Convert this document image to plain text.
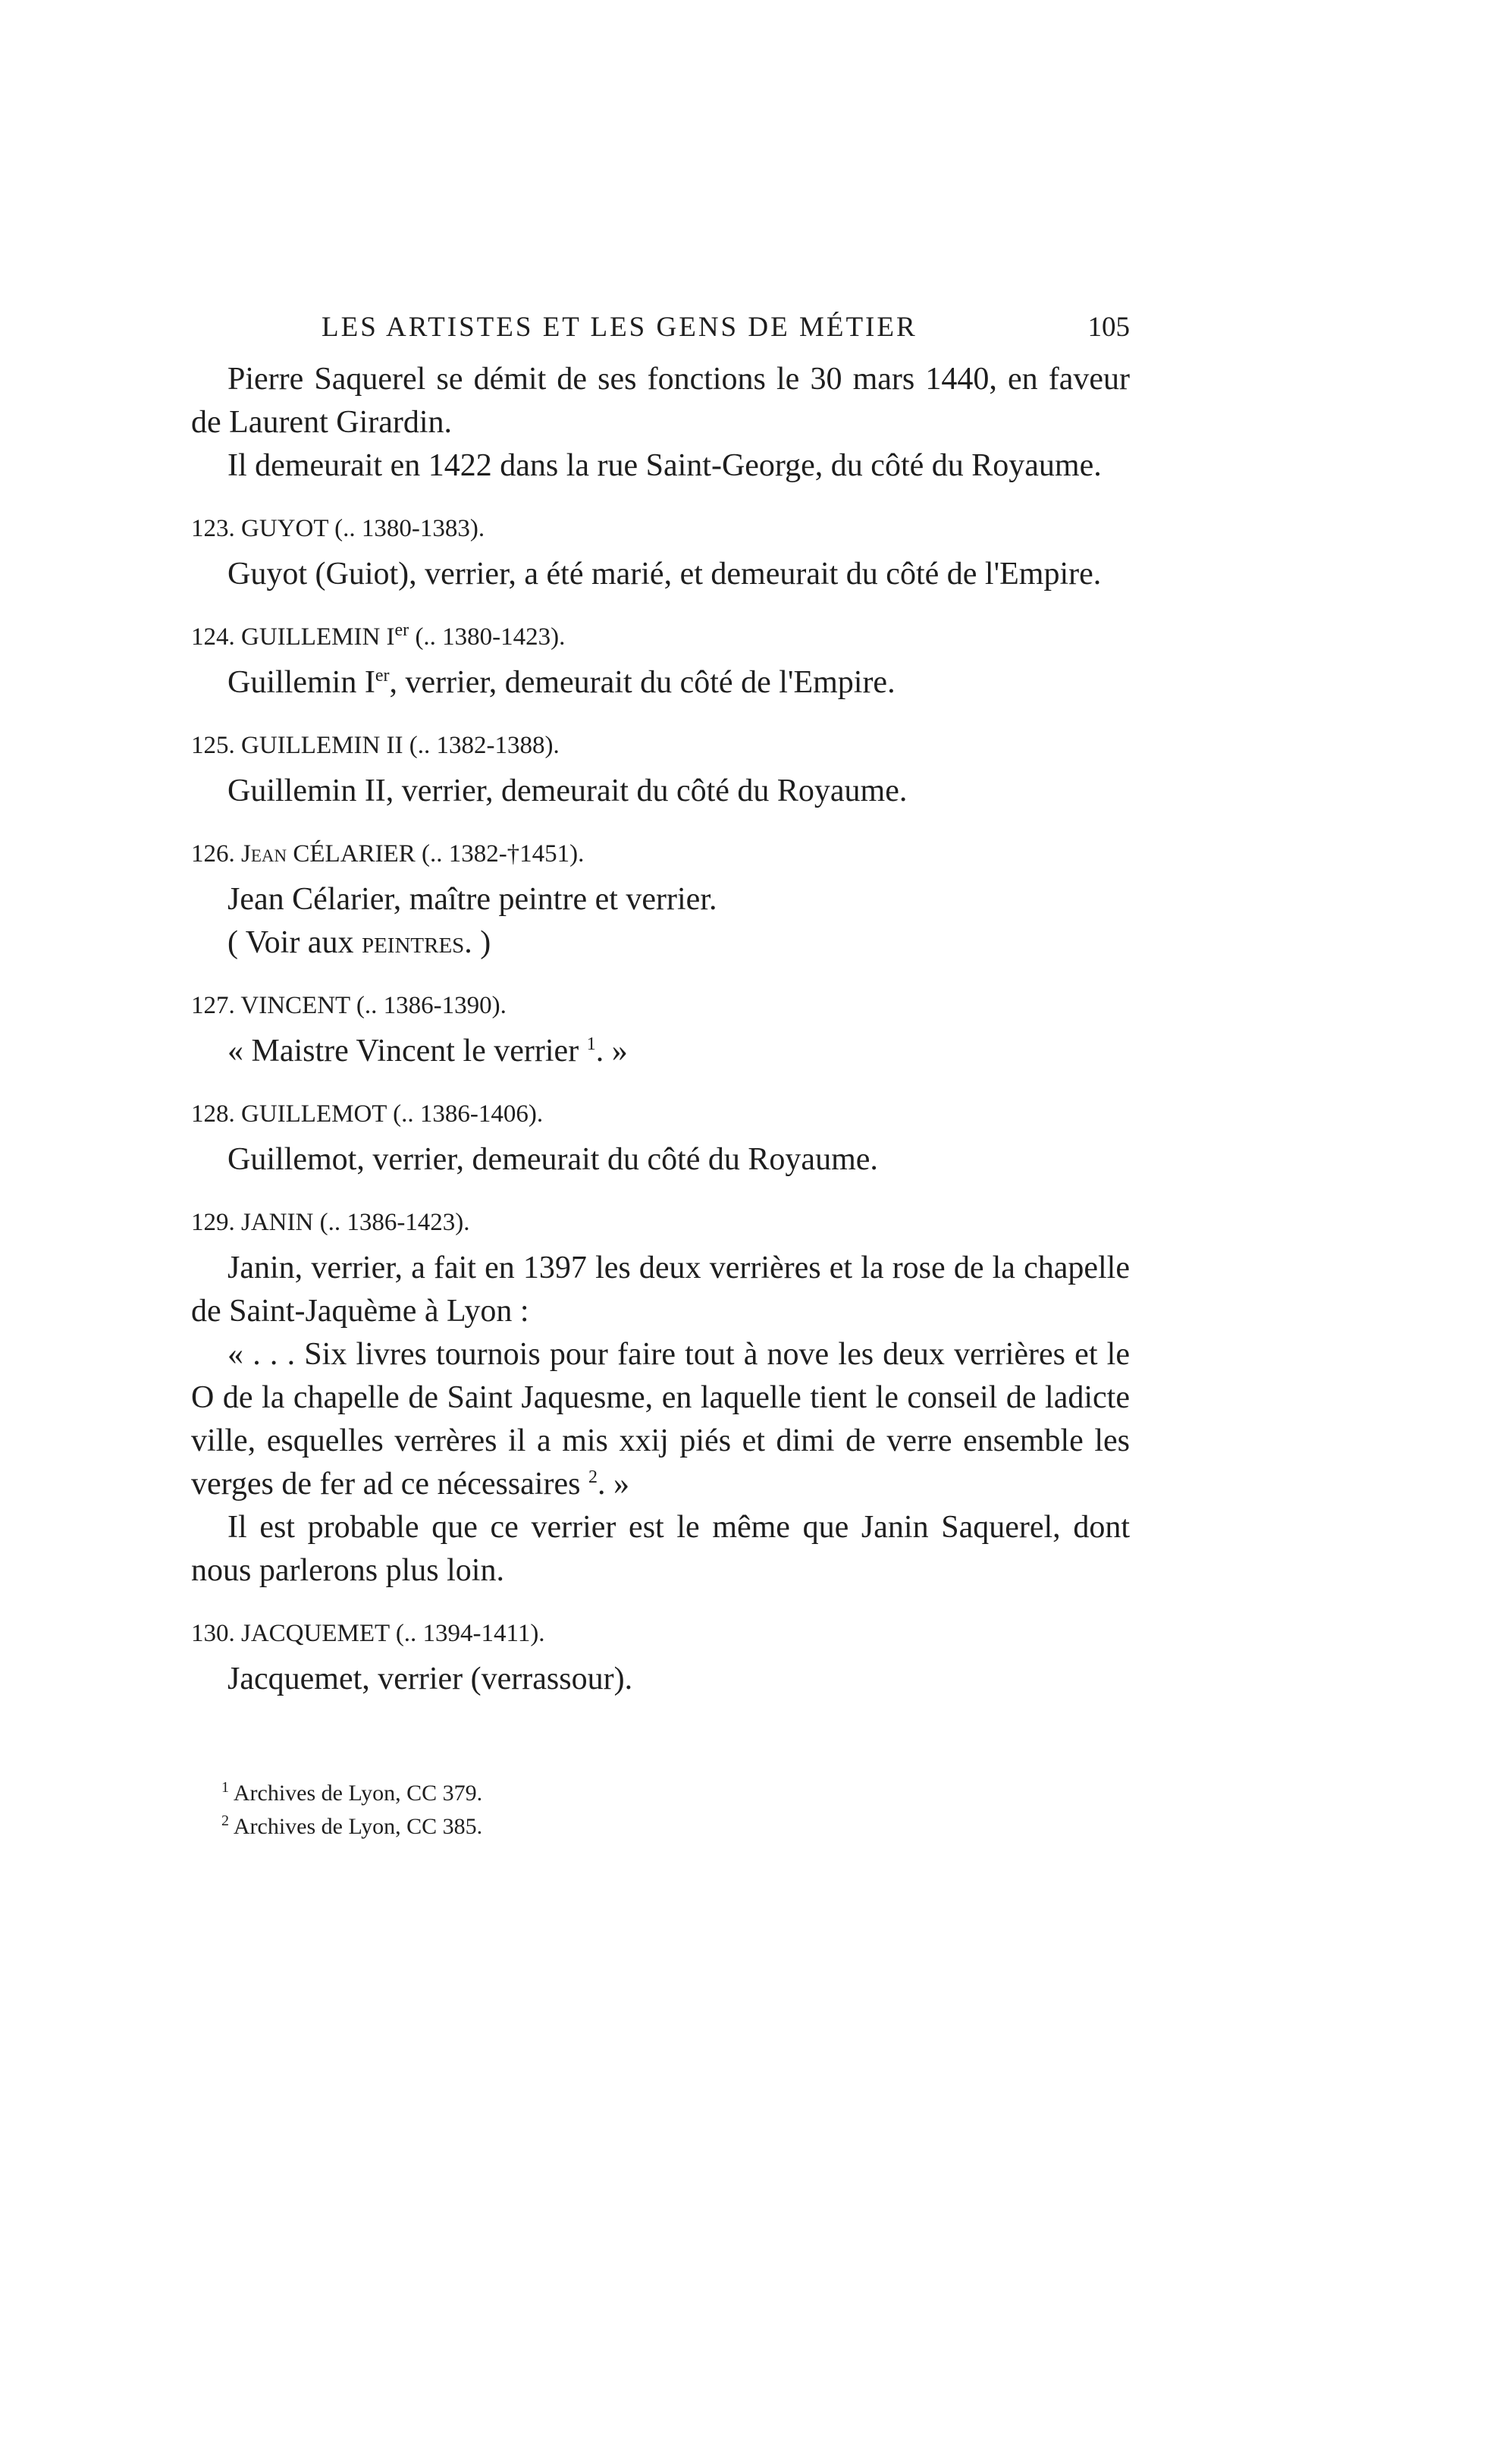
LES ARTISTES ET LES GENS DE MÉTIER	105

Pierre Saquerel se démit de ses fonctions le 30 mars 1440, en faveur de Laurent Girardin.

Il demeurait en 1422 dans la rue Saint-George, du côté du Royaume.

123. GUYOT (.. 1380-1383).

Guyot (Guiot), verrier, a été marié, et demeurait du côté de l'Empire.

124. GUILLEMIN Ier (.. 1380-1423).

Guillemin Ier, verrier, demeurait du côté de l'Empire.

125. GUILLEMIN II (.. 1382-1388).

Guillemin II, verrier, demeurait du côté du Royaume.

126. Jean CÉLARIER (.. 1382-†1451).

Jean Célarier, maître peintre et verrier.

( Voir aux peintres. )

127. VINCENT (.. 1386-1390).

« Maistre Vincent le verrier $^1$. »

128. GUILLEMOT (.. 1386-1406).

Guillemot, verrier, demeurait du côté du Royaume.

129. JANIN (.. 1386-1423).

Janin, verrier, a fait en 1397 les deux verrières et la rose de la chapelle de Saint-Jaquème à Lyon :

« . . . Six livres tournois pour faire tout à nove les deux verrières et le O de la chapelle de Saint Jaquesme, en laquelle tient le conseil de ladicte ville, esquelles verrères il a mis xxij piés et dimi de verre ensemble les verges de fer ad ce nécessaires $^2$. »

Il est probable que ce verrier est le même que Janin Saquerel, dont nous parlerons plus loin.

130. JACQUEMET (.. 1394-1411).

Jacquemet, verrier (verrassour).

$^1$ Archives de Lyon, CC 379.
$^2$ Archives de Lyon, CC 385.
